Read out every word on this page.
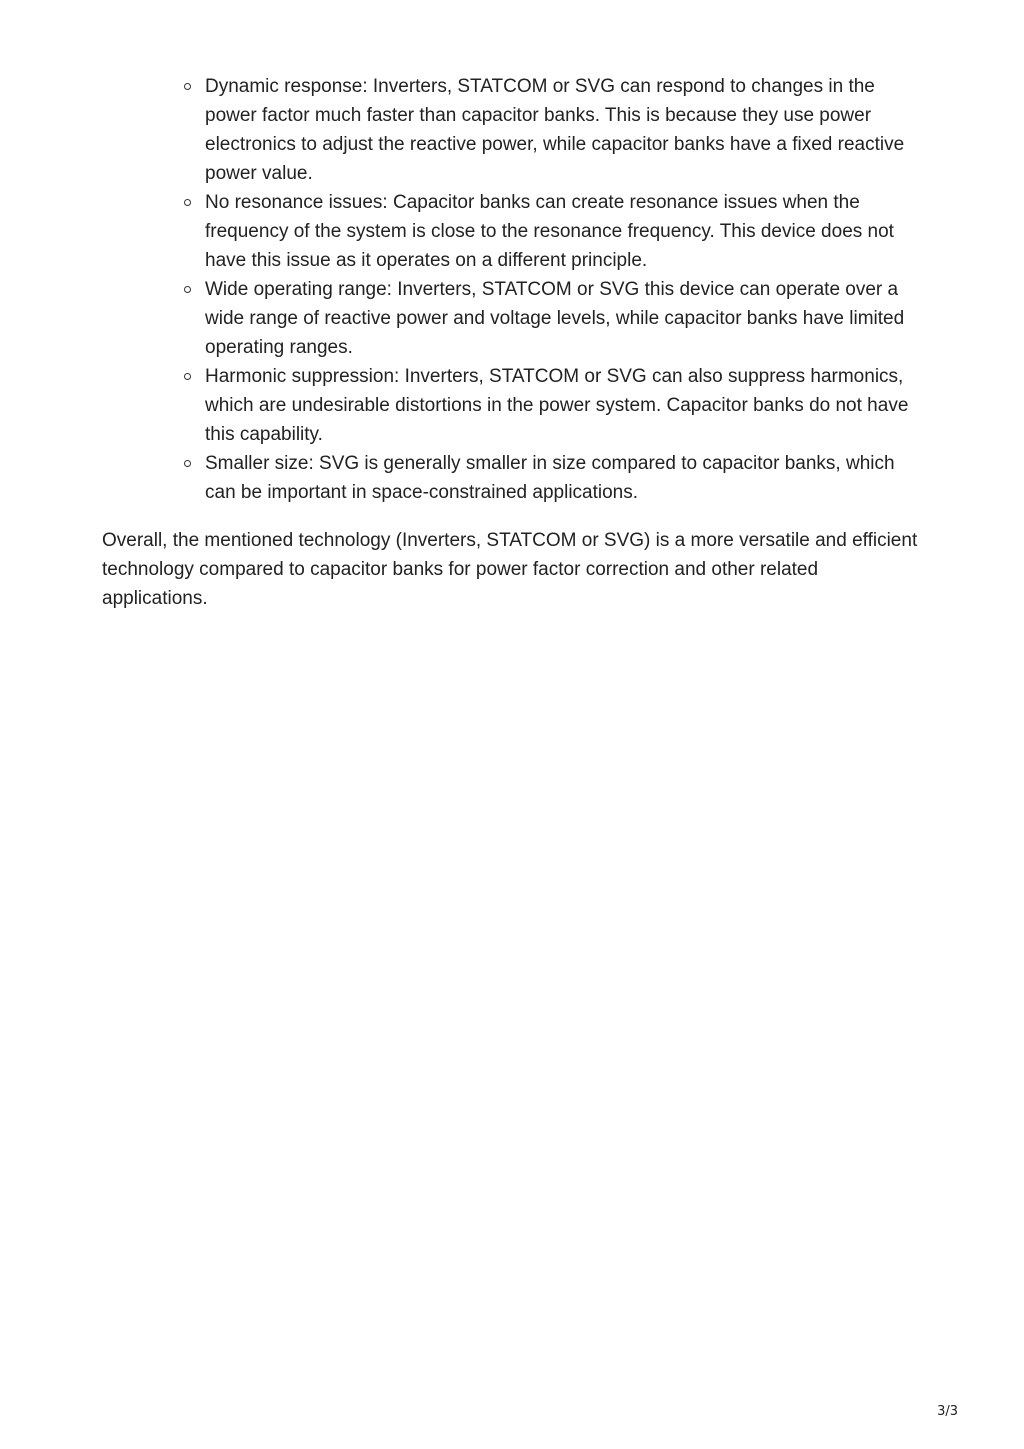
Dynamic response: Inverters, STATCOM or SVG can respond to changes in the power factor much faster than capacitor banks. This is because they use power electronics to adjust the reactive power, while capacitor banks have a fixed reactive power value.
No resonance issues: Capacitor banks can create resonance issues when the frequency of the system is close to the resonance frequency. This device does not have this issue as it operates on a different principle.
Wide operating range: Inverters, STATCOM or SVG this device can operate over a wide range of reactive power and voltage levels, while capacitor banks have limited operating ranges.
Harmonic suppression: Inverters, STATCOM or SVG can also suppress harmonics, which are undesirable distortions in the power system. Capacitor banks do not have this capability.
Smaller size: SVG is generally smaller in size compared to capacitor banks, which can be important in space-constrained applications.

Overall, the mentioned technology (Inverters, STATCOM or SVG) is a more versatile and efficient technology compared to capacitor banks for power factor correction and other related applications.

3/3
